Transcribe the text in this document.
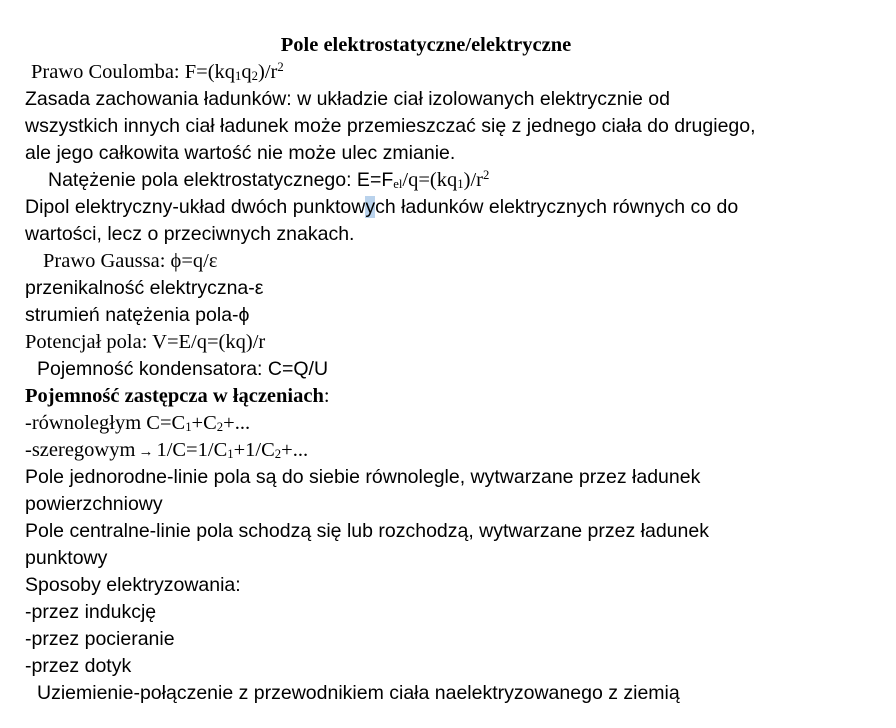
Pole elektrostatyczne/elektryczne
Prawo Coulomba: $F=(kq_1q_2)/r^2$
Zasada zachowania ładunków: w układzie ciał izolowanych elektrycznie od
wszystkich innych ciał ładunek może przemieszczać się z jednego ciała do drugiego,
ale jego całkowita wartość nie może ulec zmianie.
Natężenie pola elektrostatycznego: $E=F_{el}/q=(kq_1)/r^2$
Dipol elektryczny-układ dwóch punktowych ładunków elektrycznych równych co do
wartości, lecz o przeciwnych znakach.
Prawo Gaussa: ϕ=q/ε
przenikalność elektryczna-ε
strumień natężenia pola-ϕ
Potencjał pola: V=E/q=(kq)/r
Pojemność kondensatora: C=Q/U
Pojemność zastępcza w łączeniach:
-równoległym $C=C_1+C_2+$...
-szeregowym → $1/C=1/C_1+1/C_2+$...
Pole jednorodne-linie pola są do siebie równolegle, wytwarzane przez ładunek
powierzchniowy
Pole centralne-linie pola schodzą się lub rozchodzą, wytwarzane przez ładunek
punktowy
Sposoby elektryzowania:
-przez indukcję
-przez pocieranie
-przez dotyk
Uziemienie-połączenie z przewodnikiem ciała naelektryzowanego z ziemią
